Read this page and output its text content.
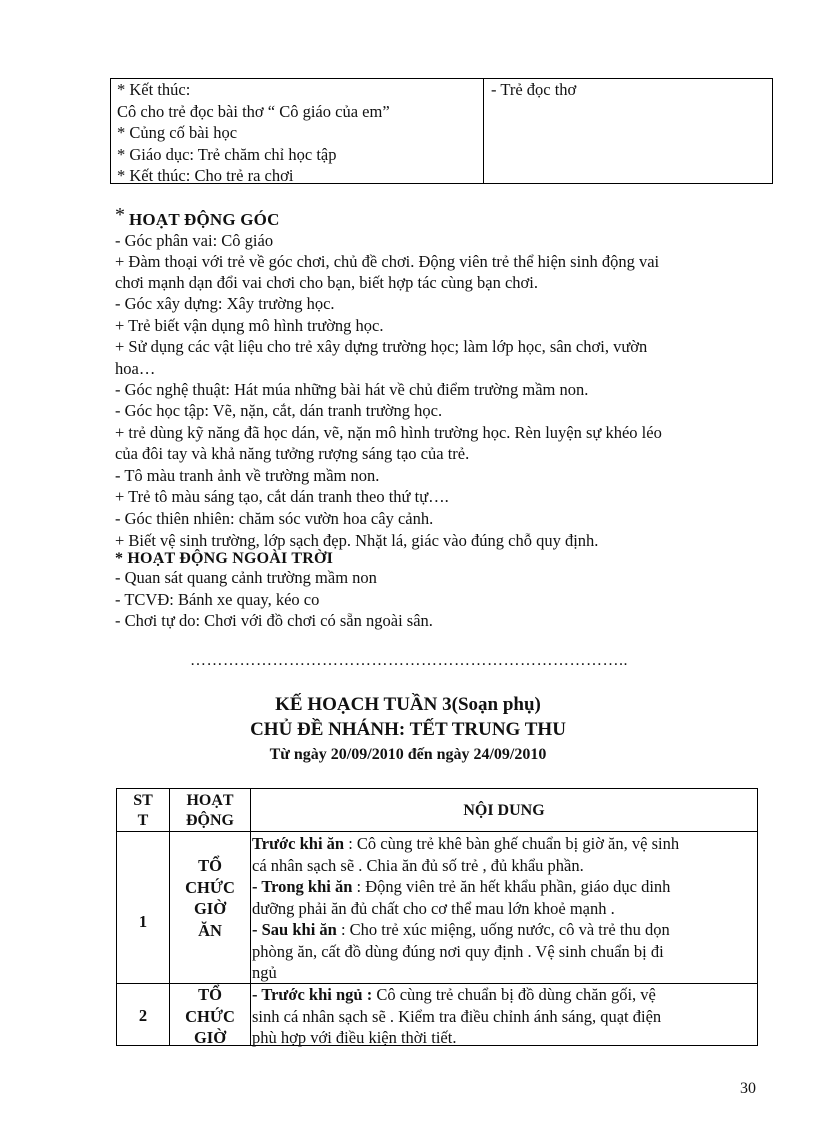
* Kết thúc:
Cô cho trẻ đọc bài thơ “ Cô giáo của em”
* Củng cố bài học
* Giáo dục: Trẻ chăm chỉ học tập
* Kết thúc: Cho trẻ ra chơi
- Trẻ đọc thơ
* HOẠT ĐỘNG GÓC
- Góc phân vai: Cô giáo
+ Đàm thoại với trẻ về góc chơi, chủ đề chơi. Động viên trẻ thể hiện sinh động vai
chơi mạnh dạn đổi vai chơi cho bạn, biết hợp tác cùng bạn chơi.
- Góc xây dựng: Xây trường học.
+ Trẻ biết vận dụng mô hình trường học.
+ Sử dụng các vật liệu cho trẻ xây dựng trường học; làm lớp học, sân chơi, vườn
hoa…
- Góc nghệ thuật: Hát múa những bài hát về chủ điểm trường mầm non.
- Góc học tập: Vẽ, nặn, cắt, dán tranh trường học.
+ trẻ dùng kỹ năng đã học dán, vẽ, nặn mô hình trường học. Rèn luyện sự khéo léo
của đôi tay và khả năng tưởng rượng sáng tạo của trẻ.
- Tô màu tranh ảnh về trường mầm non.
+ Trẻ tô màu sáng tạo, cắt dán tranh theo thứ tự….
- Góc thiên nhiên: chăm sóc vườn hoa cây cảnh.
+ Biết vệ sinh trường, lớp sạch đẹp. Nhặt lá, giác vào đúng chỗ quy định.
* HOẠT ĐỘNG NGOÀI TRỜI
- Quan sát quang cảnh trường mầm non
- TCVĐ: Bánh xe quay, kéo co
- Chơi tự do: Chơi với đồ chơi có sẵn ngoài sân.
……………………………………………………………………..
KẾ HOẠCH TUẦN 3(Soạn phụ)
CHỦ ĐỀ NHÁNH: TẾT TRUNG THU
Từ ngày 20/09/2010 đến ngày 24/09/2010
ST
T
HOẠT
ĐỘNG
NỘI DUNG
1
TỔ
CHỨC
GIỜ
ĂN
Trước khi ăn : Cô cùng trẻ khê bàn ghế chuẩn bị giờ ăn, vệ sinh
cá nhân sạch sẽ . Chia ăn đủ số trẻ , đủ khẩu phần.
- Trong khi ăn : Động viên trẻ ăn hết khẩu phần, giáo dục dinh
dưỡng phải ăn đủ chất cho cơ thể mau lớn khoẻ mạnh .
- Sau khi ăn : Cho trẻ xúc miệng, uống nước, cô và trẻ thu dọn
phòng ăn, cất đồ dùng đúng nơi quy định . Vệ sinh chuẩn bị đi
ngủ
2
TỔ
CHỨC
GIỜ
- Trước khi ngủ : Cô cùng trẻ chuẩn bị đồ dùng chăn gối, vệ
sinh cá nhân sạch sẽ . Kiểm tra điều chỉnh ánh sáng, quạt điện
phù hợp với điều kiện thời tiết.
30
